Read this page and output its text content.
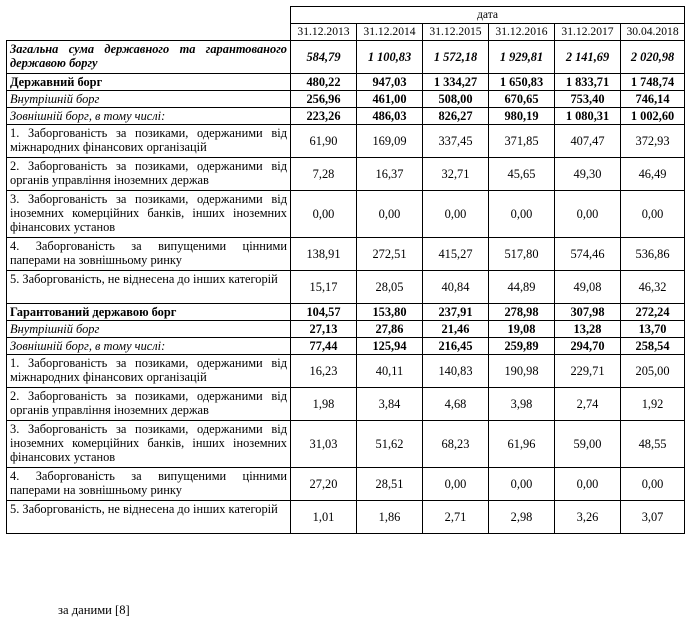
	дата					
	31.12.2013	31.12.2014	31.12.2015	31.12.2016	31.12.2017	30.04.2018
Загальна сума державного та гарантованого державою боргу	584,79	1 100,83	1 572,18	1 929,81	2 141,69	2 020,98
Державний борг	480,22	947,03	1 334,27	1 650,83	1 833,71	1 748,74
Внутрішній борг	256,96	461,00	508,00	670,65	753,40	746,14
Зовнішній борг, в тому числі:	223,26	486,03	826,27	980,19	1 080,31	1 002,60
1. Заборгованість за позиками, одержаними від міжнародних фінансових організацій	61,90	169,09	337,45	371,85	407,47	372,93
2. Заборгованість за позиками, одержаними від органів управління іноземних держав	7,28	16,37	32,71	45,65	49,30	46,49
3. Заборгованість за позиками, одержаними від іноземних комерційних банків, інших іноземних фінансових установ	0,00	0,00	0,00	0,00	0,00	0,00
4. Заборгованість за випущеними цінними паперами на зовнішньому ринку	138,91	272,51	415,27	517,80	574,46	536,86
5. Заборгованість, не віднесена до інших категорій	15,17	28,05	40,84	44,89	49,08	46,32
Гарантований державою борг	104,57	153,80	237,91	278,98	307,98	272,24
Внутрішній борг	27,13	27,86	21,46	19,08	13,28	13,70
Зовнішній борг, в тому числі:	77,44	125,94	216,45	259,89	294,70	258,54
1. Заборгованість за позиками, одержаними від міжнародних фінансових організацій	16,23	40,11	140,83	190,98	229,71	205,00
2. Заборгованість за позиками, одержаними від органів управління іноземних держав	1,98	3,84	4,68	3,98	2,74	1,92
3. Заборгованість за позиками, одержаними від іноземних комерційних банків, інших іноземних фінансових установ	31,03	51,62	68,23	61,96	59,00	48,55
4. Заборгованість за випущеними цінними паперами на зовнішньому ринку	27,20	28,51	0,00	0,00	0,00	0,00
5. Заборгованість, не віднесена до інших категорій	1,01	1,86	2,71	2,98	3,26	3,07
за даними [8]
